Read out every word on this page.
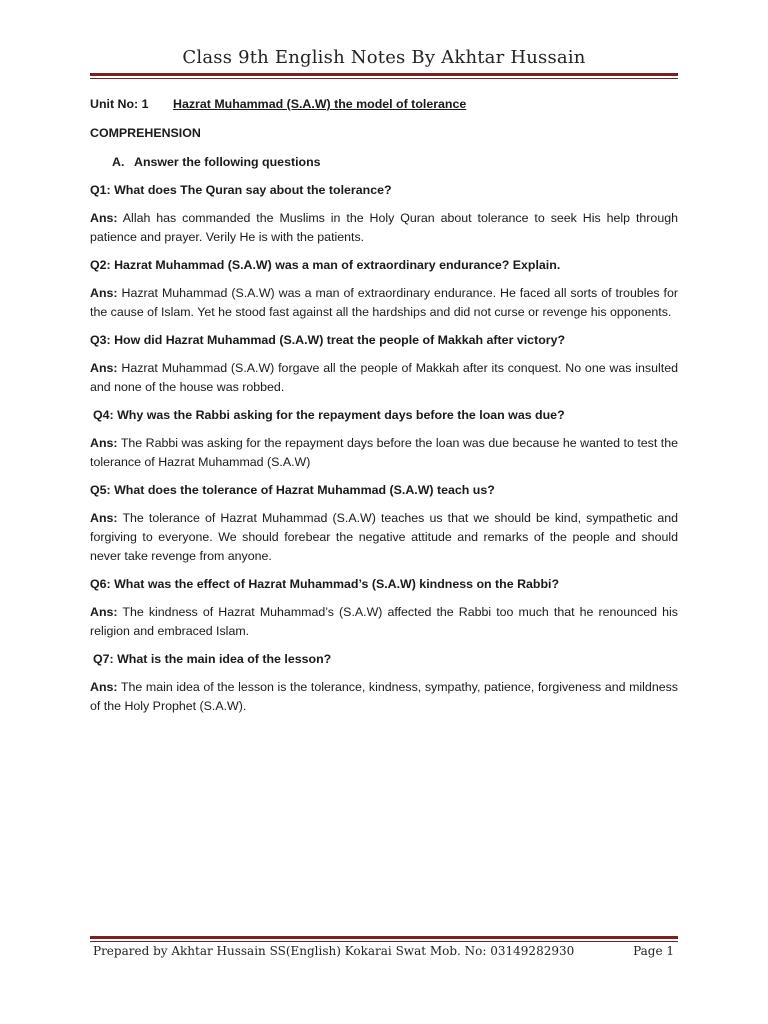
Class 9th English Notes By Akhtar Hussain

Unit No: 1 Hazrat Muhammad (S.A.W) the model of tolerance

COMPREHENSION

A. Answer the following questions

Q1: What does The Quran say about the tolerance?

Ans: Allah has commanded the Muslims in the Holy Quran about tolerance to seek His help through patience and prayer. Verily He is with the patients.

Q2: Hazrat Muhammad (S.A.W) was a man of extraordinary endurance? Explain.

Ans: Hazrat Muhammad (S.A.W) was a man of extraordinary endurance. He faced all sorts of troubles for the cause of Islam. Yet he stood fast against all the hardships and did not curse or revenge his opponents.

Q3: How did Hazrat Muhammad (S.A.W) treat the people of Makkah after victory?

Ans: Hazrat Muhammad (S.A.W) forgave all the people of Makkah after its conquest. No one was insulted and none of the house was robbed.

Q4: Why was the Rabbi asking for the repayment days before the loan was due?

Ans: The Rabbi was asking for the repayment days before the loan was due because he wanted to test the tolerance of Hazrat Muhammad (S.A.W)

Q5: What does the tolerance of Hazrat Muhammad (S.A.W) teach us?

Ans: The tolerance of Hazrat Muhammad (S.A.W) teaches us that we should be kind, sympathetic and forgiving to everyone. We should forebear the negative attitude and remarks of the people and should never take revenge from anyone.

Q6: What was the effect of Hazrat Muhammad’s (S.A.W) kindness on the Rabbi?

Ans: The kindness of Hazrat Muhammad’s (S.A.W) affected the Rabbi too much that he renounced his religion and embraced Islam.

Q7: What is the main idea of the lesson?

Ans: The main idea of the lesson is the tolerance, kindness, sympathy, patience, forgiveness and mildness of the Holy Prophet (S.A.W).

Prepared by Akhtar Hussain SS(English) Kokarai Swat Mob. No: 03149282930	Page 1
